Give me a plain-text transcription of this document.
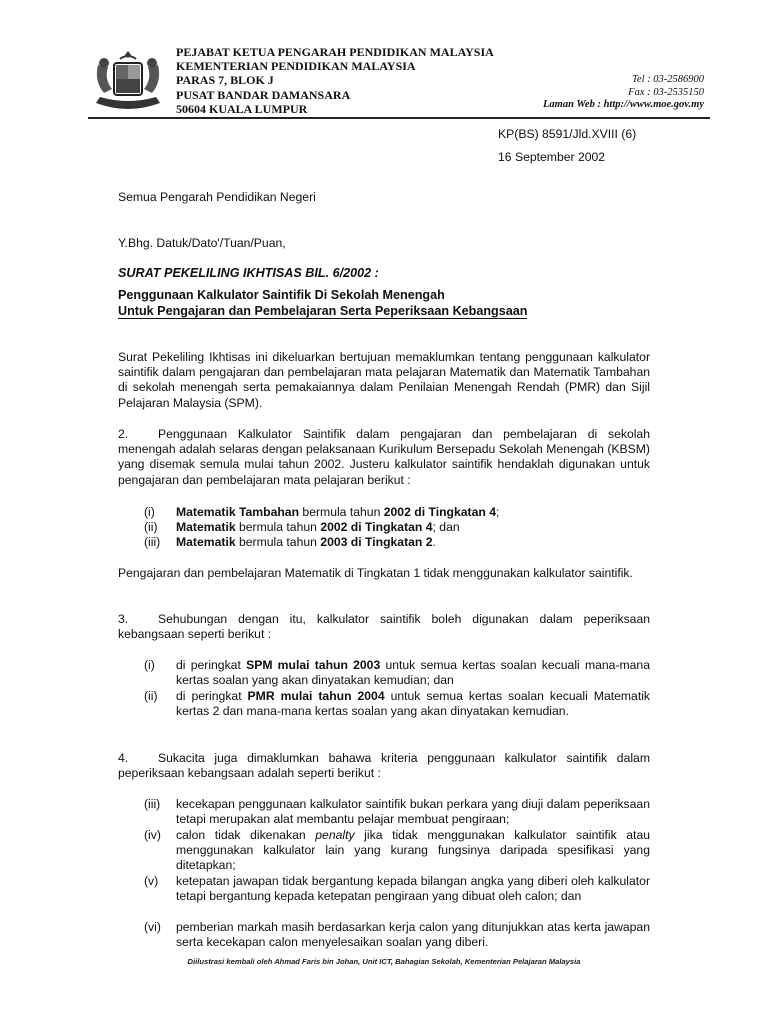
PEJABAT KETUA PENGARAH PENDIDIKAN MALAYSIA
KEMENTERIAN PENDIDIKAN MALAYSIA
PARAS 7, BLOK J
PUSAT BANDAR DAMANSARA
50604 KUALA LUMPUR
Tel : 03-2586900
Fax : 03-2535150
Laman Web : http://www.moe.gov.my
KP(BS) 8591/Jld.XVIII (6)
16 September 2002
Semua Pengarah Pendidikan Negeri
Y.Bhg. Datuk/Dato'/Tuan/Puan,
SURAT PEKELILING IKHTISAS BIL. 6/2002 :
Penggunaan Kalkulator Saintifik Di Sekolah Menengah
Untuk Pengajaran dan Pembelajaran Serta Peperiksaan Kebangsaan
Surat Pekeliling Ikhtisas ini dikeluarkan bertujuan memaklumkan tentang penggunaan kalkulator saintifik dalam pengajaran dan pembelajaran mata pelajaran Matematik dan Matematik Tambahan di sekolah menengah serta pemakaiannya dalam Penilaian Menengah Rendah (PMR) dan Sijil Pelajaran Malaysia (SPM).
2. Penggunaan Kalkulator Saintifik dalam pengajaran dan pembelajaran di sekolah menengah adalah selaras dengan pelaksanaan Kurikulum Bersepadu Sekolah Menengah (KBSM) yang disemak semula mulai tahun 2002. Justeru kalkulator saintifik hendaklah digunakan untuk pengajaran dan pembelajaran mata pelajaran berikut :
(i) Matematik Tambahan bermula tahun 2002 di Tingkatan 4;
(ii) Matematik bermula tahun 2002 di Tingkatan 4; dan
(iii) Matematik bermula tahun 2003 di Tingkatan 2.
Pengajaran dan pembelajaran Matematik di Tingkatan 1 tidak menggunakan kalkulator saintifik.
3. Sehubungan dengan itu, kalkulator saintifik boleh digunakan dalam peperiksaan kebangsaan seperti berikut :
(i) di peringkat SPM mulai tahun 2003 untuk semua kertas soalan kecuali mana-mana kertas soalan yang akan dinyatakan kemudian; dan
(ii) di peringkat PMR mulai tahun 2004 untuk semua kertas soalan kecuali Matematik kertas 2 dan mana-mana kertas soalan yang akan dinyatakan kemudian.
4. Sukacita juga dimaklumkan bahawa kriteria penggunaan kalkulator saintifik dalam peperiksaan kebangsaan adalah seperti berikut :
(iii) kecekapan penggunaan kalkulator saintifik bukan perkara yang diuji dalam peperiksaan tetapi merupakan alat membantu pelajar membuat pengiraan;
(iv) calon tidak dikenakan penalty jika tidak menggunakan kalkulator saintifik atau menggunakan kalkulator lain yang kurang fungsinya daripada spesifikasi yang ditetapkan;
(v) ketepatan jawapan tidak bergantung kepada bilangan angka yang diberi oleh kalkulator tetapi bergantung kepada ketepatan pengiraan yang dibuat oleh calon; dan
(vi) pemberian markah masih berdasarkan kerja calon yang ditunjukkan atas kerta jawapan serta kecekapan calon menyelesaikan soalan yang diberi.
Diilustrasi kembali oleh Ahmad Faris bin Johan, Unit ICT, Bahagian Sekolah, Kementerian Pelajaran Malaysia
